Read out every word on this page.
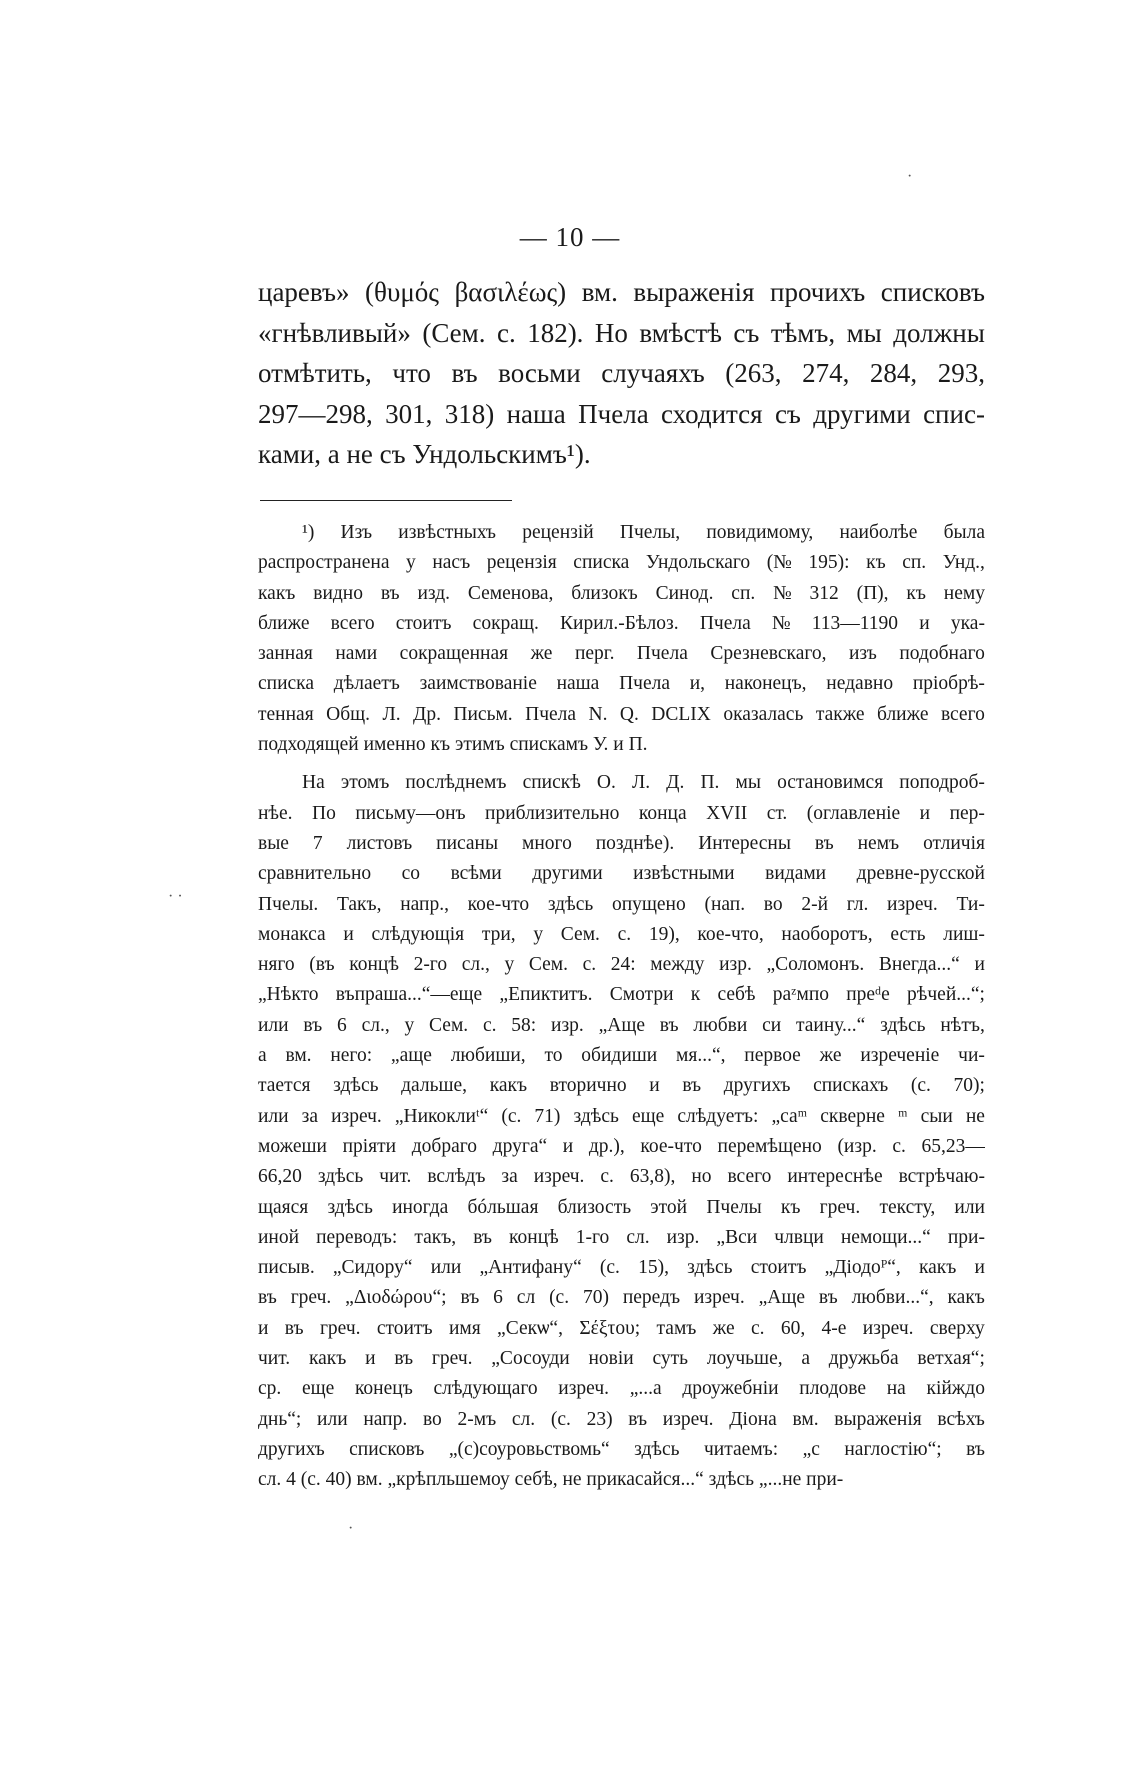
— 10 —
царевъ» (θυμός βασιλέως) вм. выраженія прочихъ списковъ
«гнѣвливый» (Сем. с. 182). Но вмѣстѣ съ тѣмъ, мы должны
отмѣтить, что въ восьми случаяхъ (263, 274, 284, 293,
297—298, 301, 318) наша Пчела сходится съ другими спис-
ками, а не съ Ундольскимъ¹).
¹) Изъ извѣстныхъ рецензій Пчелы, повидимому, наиболѣе была
распространена у насъ рецензія списка Ундольскаго (№ 195): къ сп. Унд.,
какъ видно въ изд. Семенова, близокъ Синод. сп. № 312 (П), къ нему
ближе всего стоитъ сокращ. Кирил.-Бѣлоз. Пчела № 113—1190 и ука-
занная нами сокращенная же перг. Пчела Срезневскаго, изъ подобнаго
списка дѣлаетъ заимствованіе наша Пчела и, наконецъ, недавно пріобрѣ-
тенная Общ. Л. Др. Письм. Пчела N. Q. DCLIX оказалась также ближе всего
подходящей именно къ этимъ спискамъ У. и П.
На этомъ послѣднемъ спискѣ О. Л. Д. П. мы остановимся поподроб-
нѣе. По письму—онъ приблизительно конца XVII ст. (оглавленіе и пер-
вые 7 листовъ писаны много позднѣе). Интересны въ немъ отличія
сравнительно со всѣми другими извѣстными видами древне-русской
Пчелы. Такъ, напр., кое-что здѣсь опущено (нап. во 2-й гл. изреч. Ти-
монакса и слѣдующія три, у Сем. с. 19), кое-что, наоборотъ, есть лиш-
няго (въ концѣ 2-го сл., у Сем. с. 24: между изр. „Соломонъ. Внегда...“ и
„Нѣкто въпраша...“—еще „Епиктитъ. Смотри к себѣ раᶻмпо преᵈе рѣчей...“;
или въ 6 сл., у Сем. с. 58: изр. „Аще въ любви си таину...“ здѣсь нѣтъ,
а вм. него: „аще любиши, то обидиши мя...“, первое же изреченіе чи-
тается здѣсь дальше, какъ вторично и въ другихъ спискахъ (с. 70);
или за изреч. „Никоклиᵗ“ (с. 71) здѣсь еще слѣдуетъ: „саᵐ скверне ᵐ сыи не
можеши пріяти добраго друга“ и др.), кое-что перемѣщено (изр. с. 65,23—
66,20 здѣсь чит. вслѣдъ за изреч. с. 63,8), но всего интереснѣе встрѣчаю-
щаяся здѣсь иногда бóльшая близость этой Пчелы къ греч. тексту, или
иной переводъ: такъ, въ концѣ 1-го сл. изр. „Вси члвци немощи...“ при-
писыв. „Сидору“ или „Антифану“ (с. 15), здѣсь стоитъ „Діодоᴾ“, какъ и
въ греч. „Διοδώρου“; въ 6 сл (с. 70) передъ изреч. „Аще въ любви...“, какъ
и въ греч. стоитъ имя „Секѡ“, Σέξτου; тамъ же с. 60, 4-е изреч. сверху
чит. какъ и въ греч. „Сосоуди новіи суть лоучьше, а дружьба ветхая“;
ср. еще конецъ слѣдующаго изреч. „...а дроужебніи плодове на кійждо
днь“; или напр. во 2-мъ сл. (с. 23) въ изреч. Діона вм. выраженія всѣхъ
другихъ списковъ „(с)соуровьствомь“ здѣсь читаемъ: „с наглостію“; въ
сл. 4 (с. 40) вм. „крѣпльшемоу себѣ, не прикасайся...“ здѣсь „...не при-
·
· ·
·
